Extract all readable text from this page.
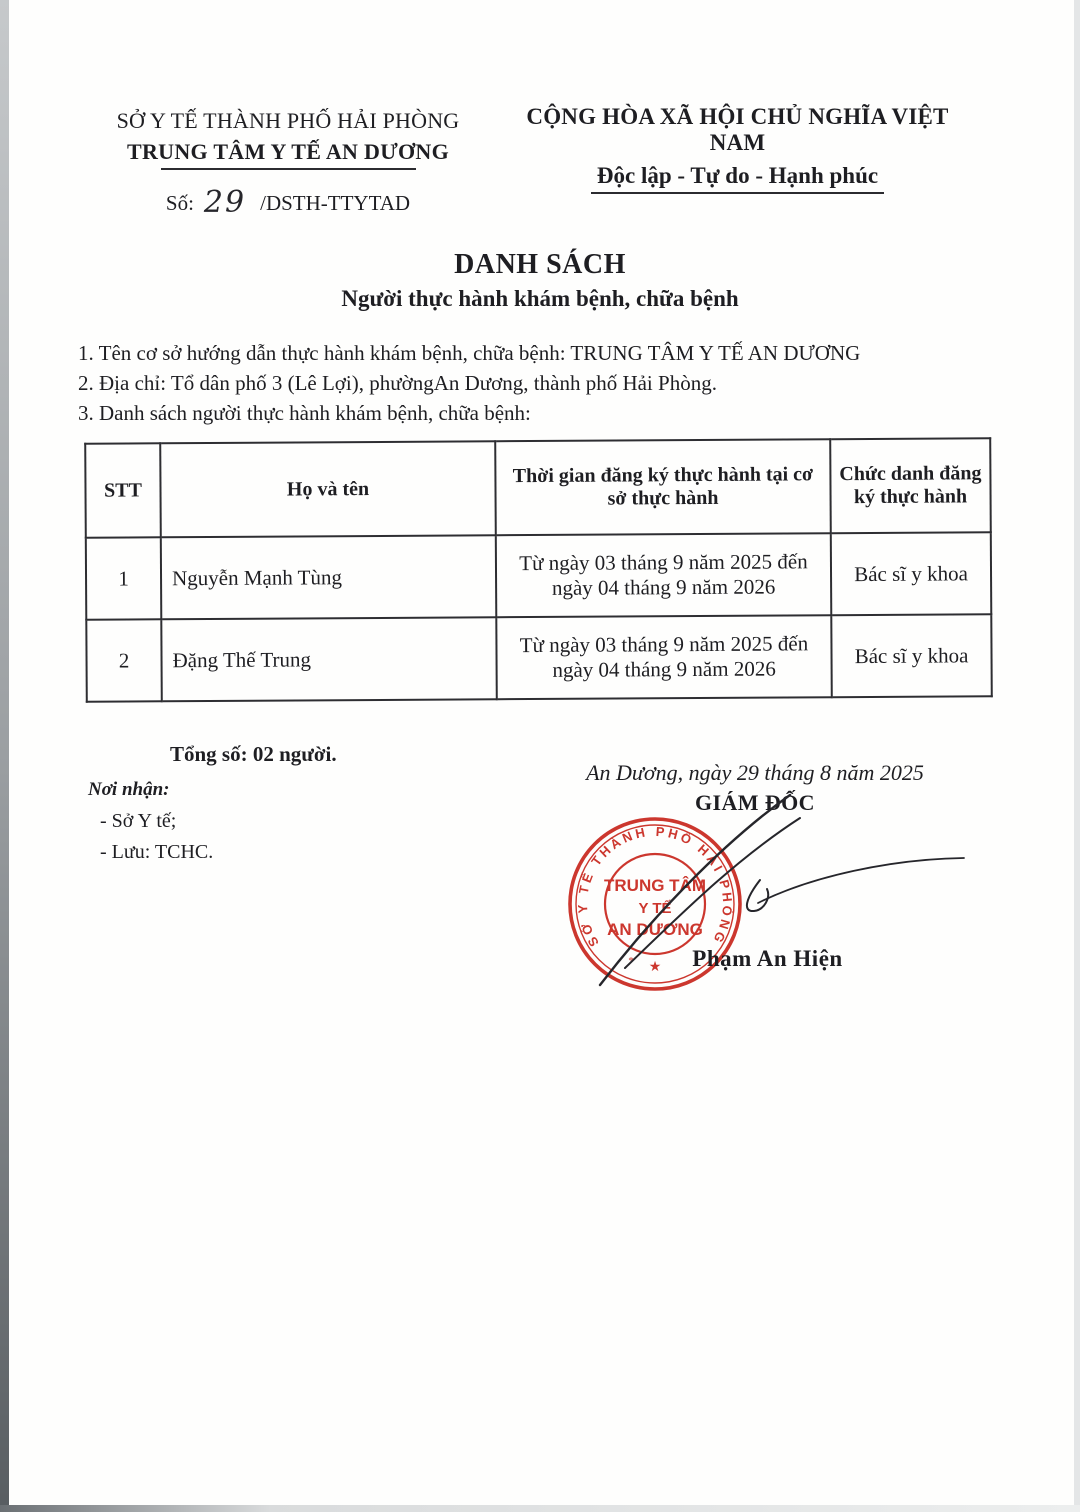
SỞ Y TẾ THÀNH PHỐ HẢI PHÒNG
TRUNG TÂM Y TẾ AN DƯƠNG
Số: 29 /DSTH-TTYTAD
CỘNG HÒA XÃ HỘI CHỦ NGHĨA VIỆT NAM
Độc lập - Tự do - Hạnh phúc
DANH SÁCH
Người thực hành khám bệnh, chữa bệnh
1. Tên cơ sở hướng dẫn thực hành khám bệnh, chữa bệnh: TRUNG TÂM Y TẾ AN DƯƠNG
2. Địa chỉ: Tổ dân phố 3 (Lê Lợi), phườngAn Dương, thành phố Hải Phòng.
3. Danh sách người thực hành khám bệnh, chữa bệnh:
STT	Họ và tên	Thời gian đăng ký thực hành tại cơ sở thực hành	Chức danh đăng ký thực hành
1	Nguyễn Mạnh Tùng	Từ ngày 03 tháng 9 năm 2025 đến ngày 04 tháng 9 năm 2026	Bác sĩ y khoa
2	Đặng Thế Trung	Từ ngày 03 tháng 9 năm 2025 đến ngày 04 tháng 9 năm 2026	Bác sĩ y khoa
Tổng số: 02 người.
Nơi nhận:
- Sở Y tế;
- Lưu: TCHC.
An Dương, ngày 29 tháng 8 năm 2025
GIÁM ĐỐC
SỞ Y TẾ THÀNH PHỐ HẢI PHÒNG
TRUNG TÂM
Y TẾ
AN DƯƠNG
★
*	Phạm An Hiện
